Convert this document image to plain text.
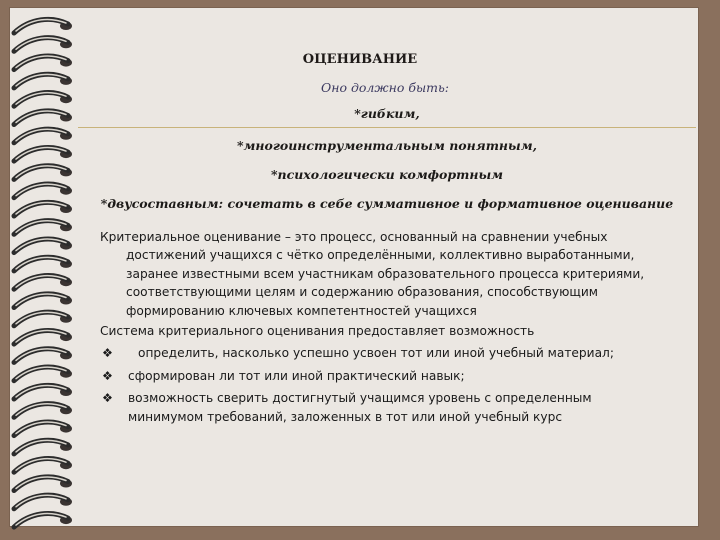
ОЦЕНИВАНИЕ
Оно должно быть:
*гибким,
*многоинструментальным понятным,
*психологически комфортным
*двусоставным: сочетать в себе суммативное и формативное оценивание
Критериальное оценивание – это процесс, основанный на сравнении учебных достижений учащихся с чётко определёнными, коллективно выработанными, заранее известными всем участникам образовательного процесса критериями, соответствующими целям и содержанию образования, способствующим формированию ключевых компетентностей учащихся
Система критериального оценивания предоставляет возможность
❖ определить, насколько успешно усвоен тот или иной учебный материал;
❖ сформирован ли тот или иной практический навык;
❖ возможность сверить достигнутый учащимся уровень с определенным минимумом требований, заложенных в тот или иной учебный курс
